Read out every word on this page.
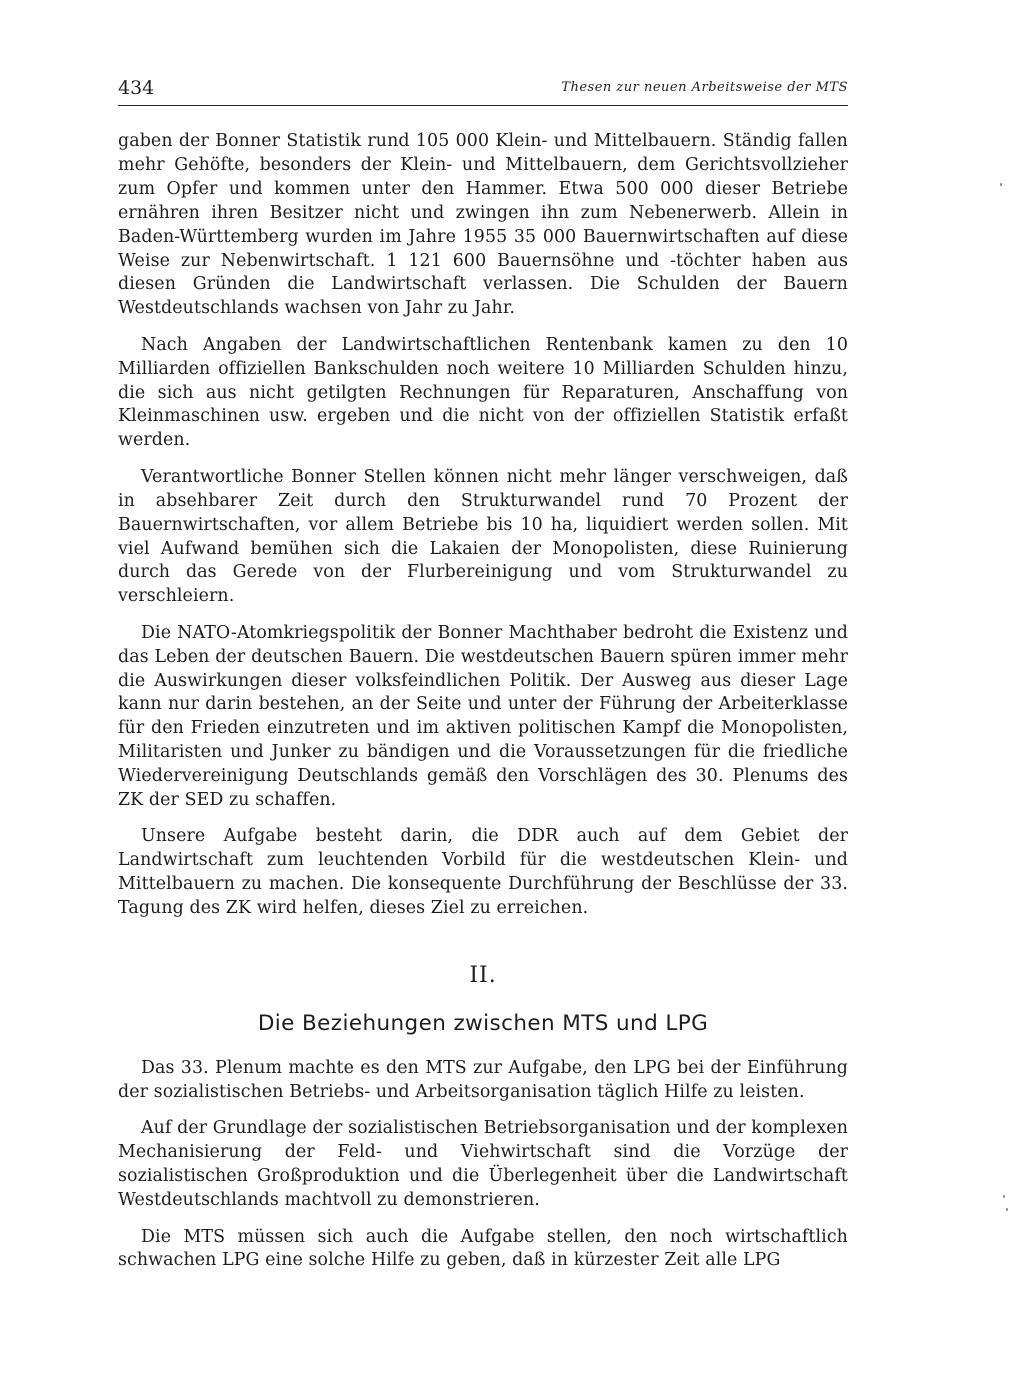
434	Thesen zur neuen Arbeitsweise der MTS

gaben der Bonner Statistik rund 105 000 Klein- und Mittelbauern. Ständig fallen mehr Gehöfte, besonders der Klein- und Mittelbauern, dem Gerichtsvollzieher zum Opfer und kommen unter den Hammer. Etwa 500 000 dieser Betriebe ernähren ihren Besitzer nicht und zwingen ihn zum Nebenerwerb. Allein in Baden-Württemberg wurden im Jahre 1955 35 000 Bauernwirtschaften auf diese Weise zur Nebenwirtschaft. 1 121 600 Bauernsöhne und -töchter haben aus diesen Gründen die Landwirtschaft verlassen. Die Schulden der Bauern Westdeutschlands wachsen von Jahr zu Jahr.

Nach Angaben der Landwirtschaftlichen Rentenbank kamen zu den 10 Milliarden offiziellen Bankschulden noch weitere 10 Milliarden Schulden hinzu, die sich aus nicht getilgten Rechnungen für Reparaturen, Anschaffung von Kleinmaschinen usw. ergeben und die nicht von der offiziellen Statistik erfaßt werden.

Verantwortliche Bonner Stellen können nicht mehr länger verschweigen, daß in absehbarer Zeit durch den Strukturwandel rund 70 Prozent der Bauernwirtschaften, vor allem Betriebe bis 10 ha, liquidiert werden sollen. Mit viel Aufwand bemühen sich die Lakaien der Monopolisten, diese Ruinierung durch das Gerede von der Flurbereinigung und vom Strukturwandel zu verschleiern.

Die NATO-Atomkriegspolitik der Bonner Machthaber bedroht die Existenz und das Leben der deutschen Bauern. Die westdeutschen Bauern spüren immer mehr die Auswirkungen dieser volksfeindlichen Politik. Der Ausweg aus dieser Lage kann nur darin bestehen, an der Seite und unter der Führung der Arbeiterklasse für den Frieden einzutreten und im aktiven politischen Kampf die Monopolisten, Militaristen und Junker zu bändigen und die Voraussetzungen für die friedliche Wiedervereinigung Deutschlands gemäß den Vorschlägen des 30. Plenums des ZK der SED zu schaffen.

Unsere Aufgabe besteht darin, die DDR auch auf dem Gebiet der Landwirtschaft zum leuchtenden Vorbild für die westdeutschen Klein- und Mittelbauern zu machen. Die konsequente Durchführung der Beschlüsse der 33. Tagung des ZK wird helfen, dieses Ziel zu erreichen.

II.
Die Beziehungen zwischen MTS und LPG

Das 33. Plenum machte es den MTS zur Aufgabe, den LPG bei der Einführung der sozialistischen Betriebs- und Arbeitsorganisation täglich Hilfe zu leisten.

Auf der Grundlage der sozialistischen Betriebsorganisation und der komplexen Mechanisierung der Feld- und Viehwirtschaft sind die Vorzüge der sozialistischen Großproduktion und die Überlegenheit über die Landwirtschaft Westdeutschlands machtvoll zu demonstrieren.

Die MTS müssen sich auch die Aufgabe stellen, den noch wirtschaftlich schwachen LPG eine solche Hilfe zu geben, daß in kürzester Zeit alle LPG
